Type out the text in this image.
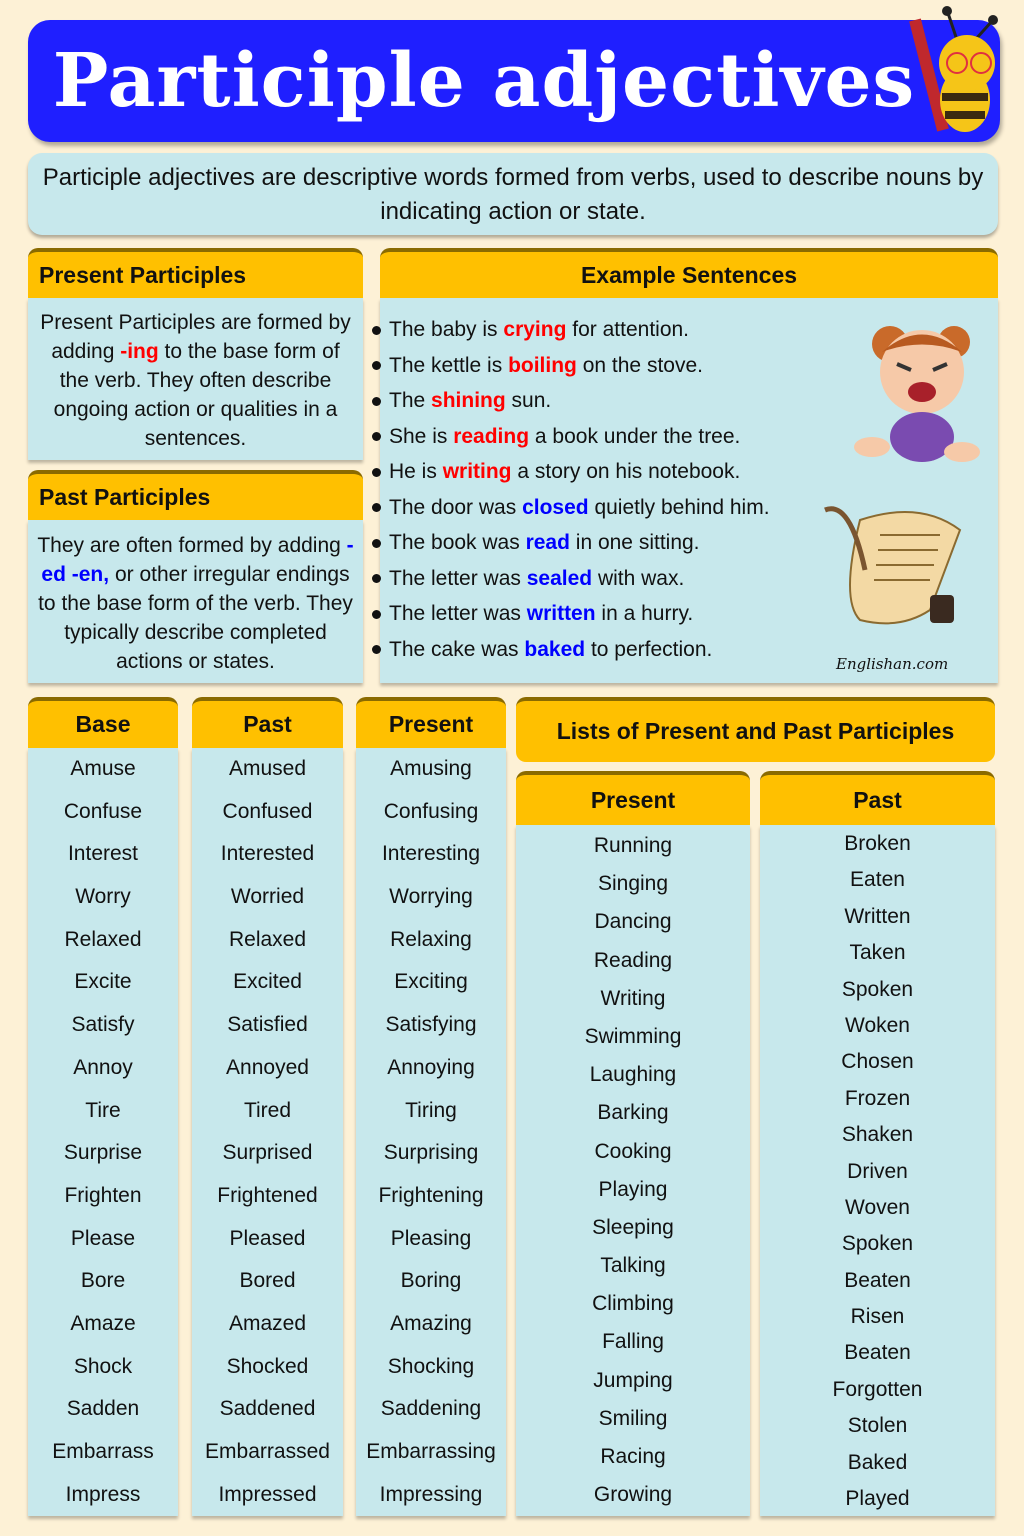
Participle adjectives
Participle adjectives are descriptive words formed from verbs, used to describe nouns by indicating action or state.
Present Participles
Present Participles are formed by adding -ing to the base form of the verb. They often describe ongoing action or qualities in a sentences.
Past Participles
They are often formed by adding -ed -en, or other irregular endings to the base form of the verb. They typically describe completed actions or states.
Example Sentences
The baby is crying for attention.
The kettle is boiling on the stove.
The shining sun.
She is reading a book under the tree.
He is writing a story on his notebook.
The door was closed quietly behind him.
The book was read in one sitting.
The letter was sealed with wax.
The letter was written in a hurry.
The cake was baked to perfection.
Englishan.com
Base
Amuse
Confuse
Interest
Worry
Relaxed
Excite
Satisfy
Annoy
Tire
Surprise
Frighten
Please
Bore
Amaze
Shock
Sadden
Embarrass
Impress
Past
Amused
Confused
Interested
Worried
Relaxed
Excited
Satisfied
Annoyed
Tired
Surprised
Frightened
Pleased
Bored
Amazed
Shocked
Saddened
Embarrassed
Impressed
Present
Amusing
Confusing
Interesting
Worrying
Relaxing
Exciting
Satisfying
Annoying
Tiring
Surprising
Frightening
Pleasing
Boring
Amazing
Shocking
Saddening
Embarrassing
Impressing
Lists of Present and Past Participles
Present
Running
Singing
Dancing
Reading
Writing
Swimming
Laughing
Barking
Cooking
Playing
Sleeping
Talking
Climbing
Falling
Jumping
Smiling
Racing
Growing
Past
Broken
Eaten
Written
Taken
Spoken
Woken
Chosen
Frozen
Shaken
Driven
Woven
Spoken
Beaten
Risen
Beaten
Forgotten
Stolen
Baked
Played
